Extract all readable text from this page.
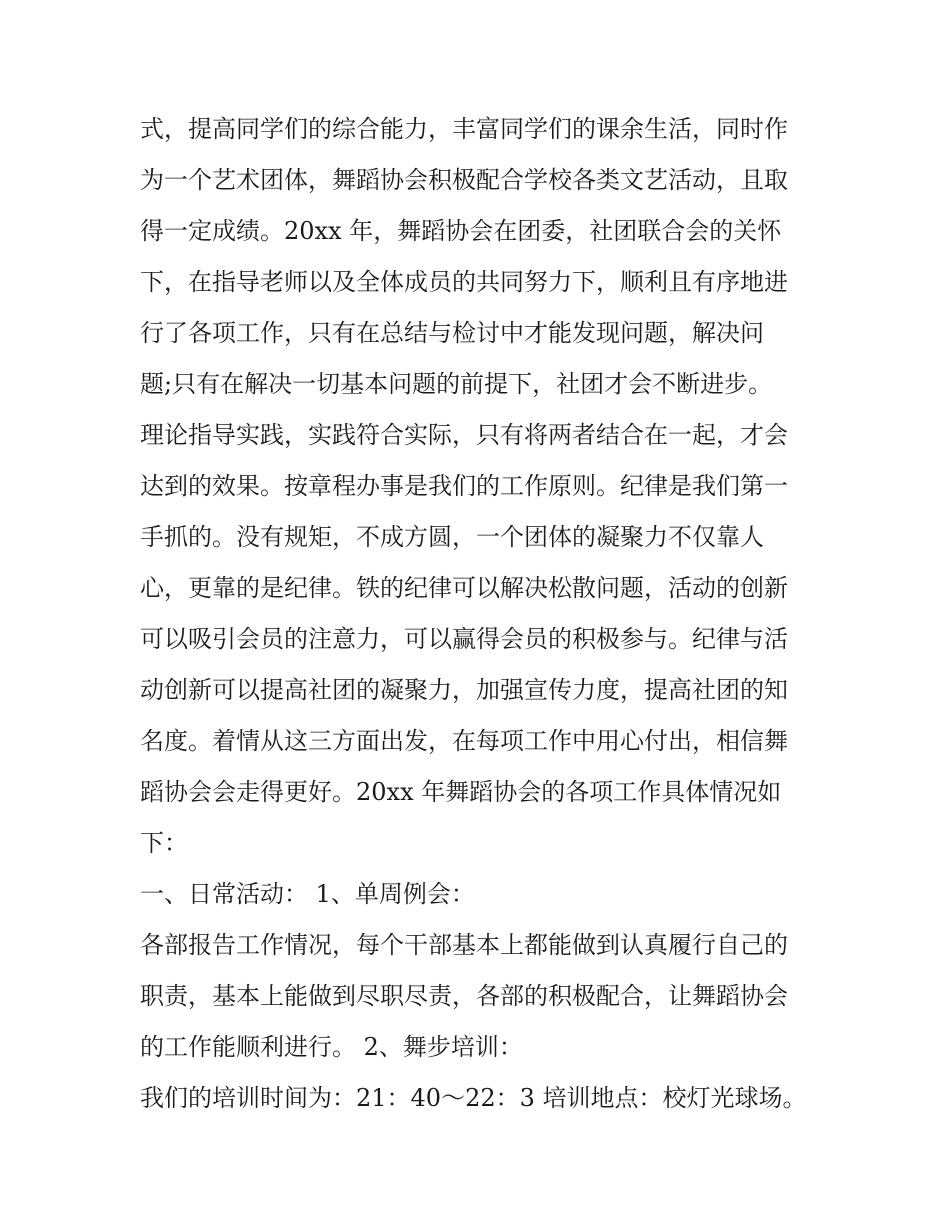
式，提高同学们的综合能力，丰富同学们的课余生活，同时作
为一个艺术团体，舞蹈协会积极配合学校各类文艺活动，且取
得一定成绩。20xx 年，舞蹈协会在团委，社团联合会的关怀
下，在指导老师以及全体成员的共同努力下，顺利且有序地进
行了各项工作，只有在总结与检讨中才能发现问题，解决问
题;只有在解决一切基本问题的前提下，社团才会不断进步。
理论指导实践，实践符合实际，只有将两者结合在一起，才会
达到的效果。按章程办事是我们的工作原则。纪律是我们第一
手抓的。没有规矩，不成方圆，一个团体的凝聚力不仅靠人
心，更靠的是纪律。铁的纪律可以解决松散问题，活动的创新
可以吸引会员的注意力，可以赢得会员的积极参与。纪律与活
动创新可以提高社团的凝聚力，加强宣传力度，提高社团的知
名度。着情从这三方面出发，在每项工作中用心付出，相信舞
蹈协会会走得更好。20xx 年舞蹈协会的各项工作具体情况如
下：
一、日常活动： 1、单周例会：
各部报告工作情况，每个干部基本上都能做到认真履行自己的
职责，基本上能做到尽职尽责，各部的积极配合，让舞蹈协会
的工作能顺利进行。 2、舞步培训：
我们的培训时间为：21：40～22：3 培训地点：校灯光球场。
